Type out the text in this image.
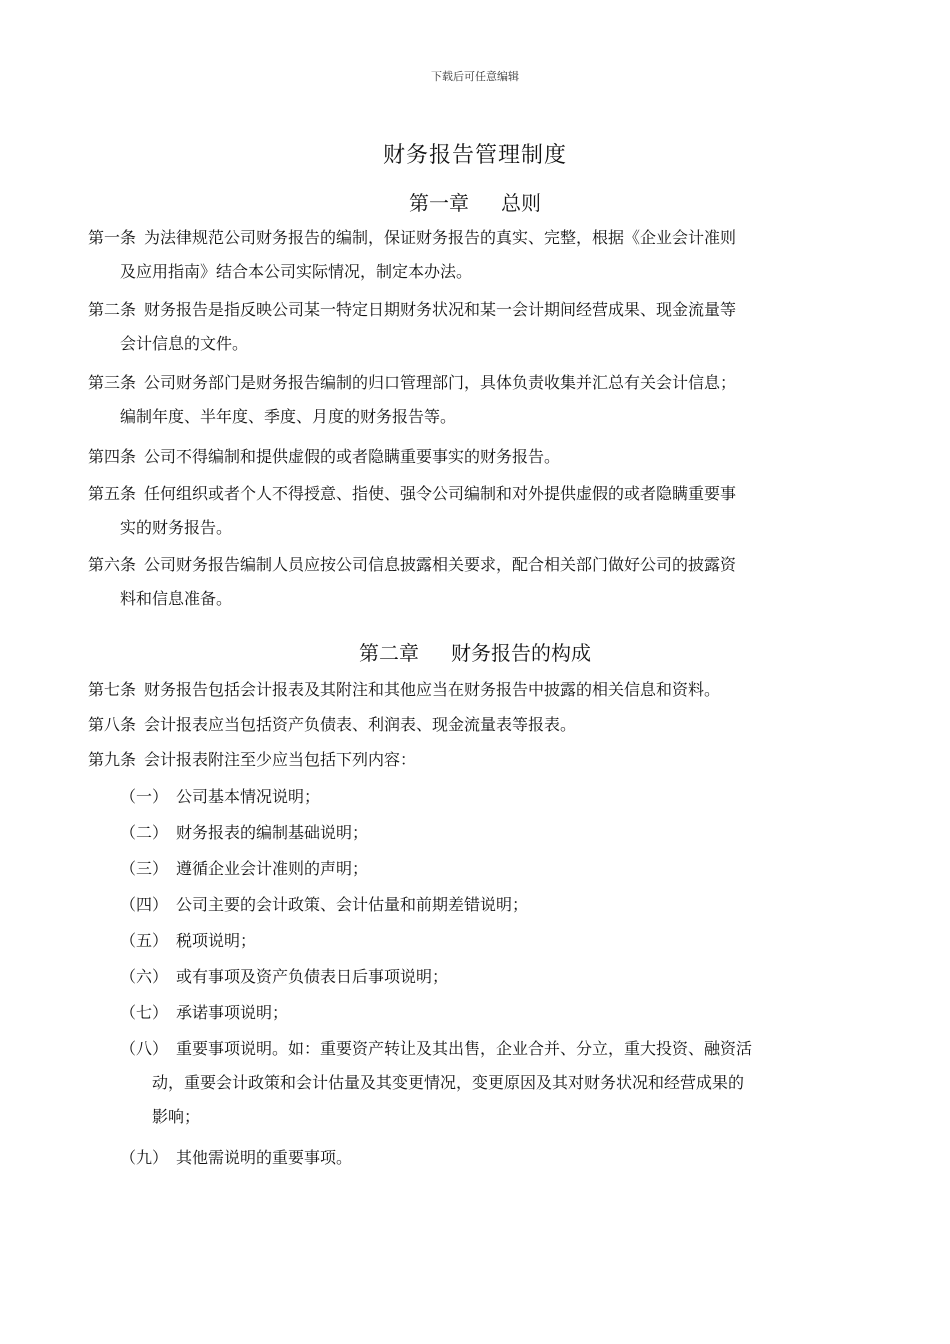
下载后可任意编辑
财务报告管理制度
第一章 总则
第一条 为法律规范公司财务报告的编制，保证财务报告的真实、完整，根据《企业会计准则
及应用指南》结合本公司实际情况，制定本办法。
第二条 财务报告是指反映公司某一特定日期财务状况和某一会计期间经营成果、现金流量等
会计信息的文件。
第三条 公司财务部门是财务报告编制的归口管理部门，具体负责收集并汇总有关会计信息；
编制年度、半年度、季度、月度的财务报告等。
第四条 公司不得编制和提供虚假的或者隐瞒重要事实的财务报告。
第五条 任何组织或者个人不得授意、指使、强令公司编制和对外提供虚假的或者隐瞒重要事
实的财务报告。
第六条 公司财务报告编制人员应按公司信息披露相关要求，配合相关部门做好公司的披露资
料和信息准备。
第二章 财务报告的构成
第七条 财务报告包括会计报表及其附注和其他应当在财务报告中披露的相关信息和资料。
第八条 会计报表应当包括资产负债表、利润表、现金流量表等报表。
第九条 会计报表附注至少应当包括下列内容：
（一） 公司基本情况说明；
（二） 财务报表的编制基础说明；
（三） 遵循企业会计准则的声明；
（四） 公司主要的会计政策、会计估量和前期差错说明；
（五） 税项说明；
（六） 或有事项及资产负债表日后事项说明；
（七） 承诺事项说明；
（八） 重要事项说明。如：重要资产转让及其出售，企业合并、分立，重大投资、融资活
动，重要会计政策和会计估量及其变更情况，变更原因及其对财务状况和经营成果的
影响；
（九） 其他需说明的重要事项。
